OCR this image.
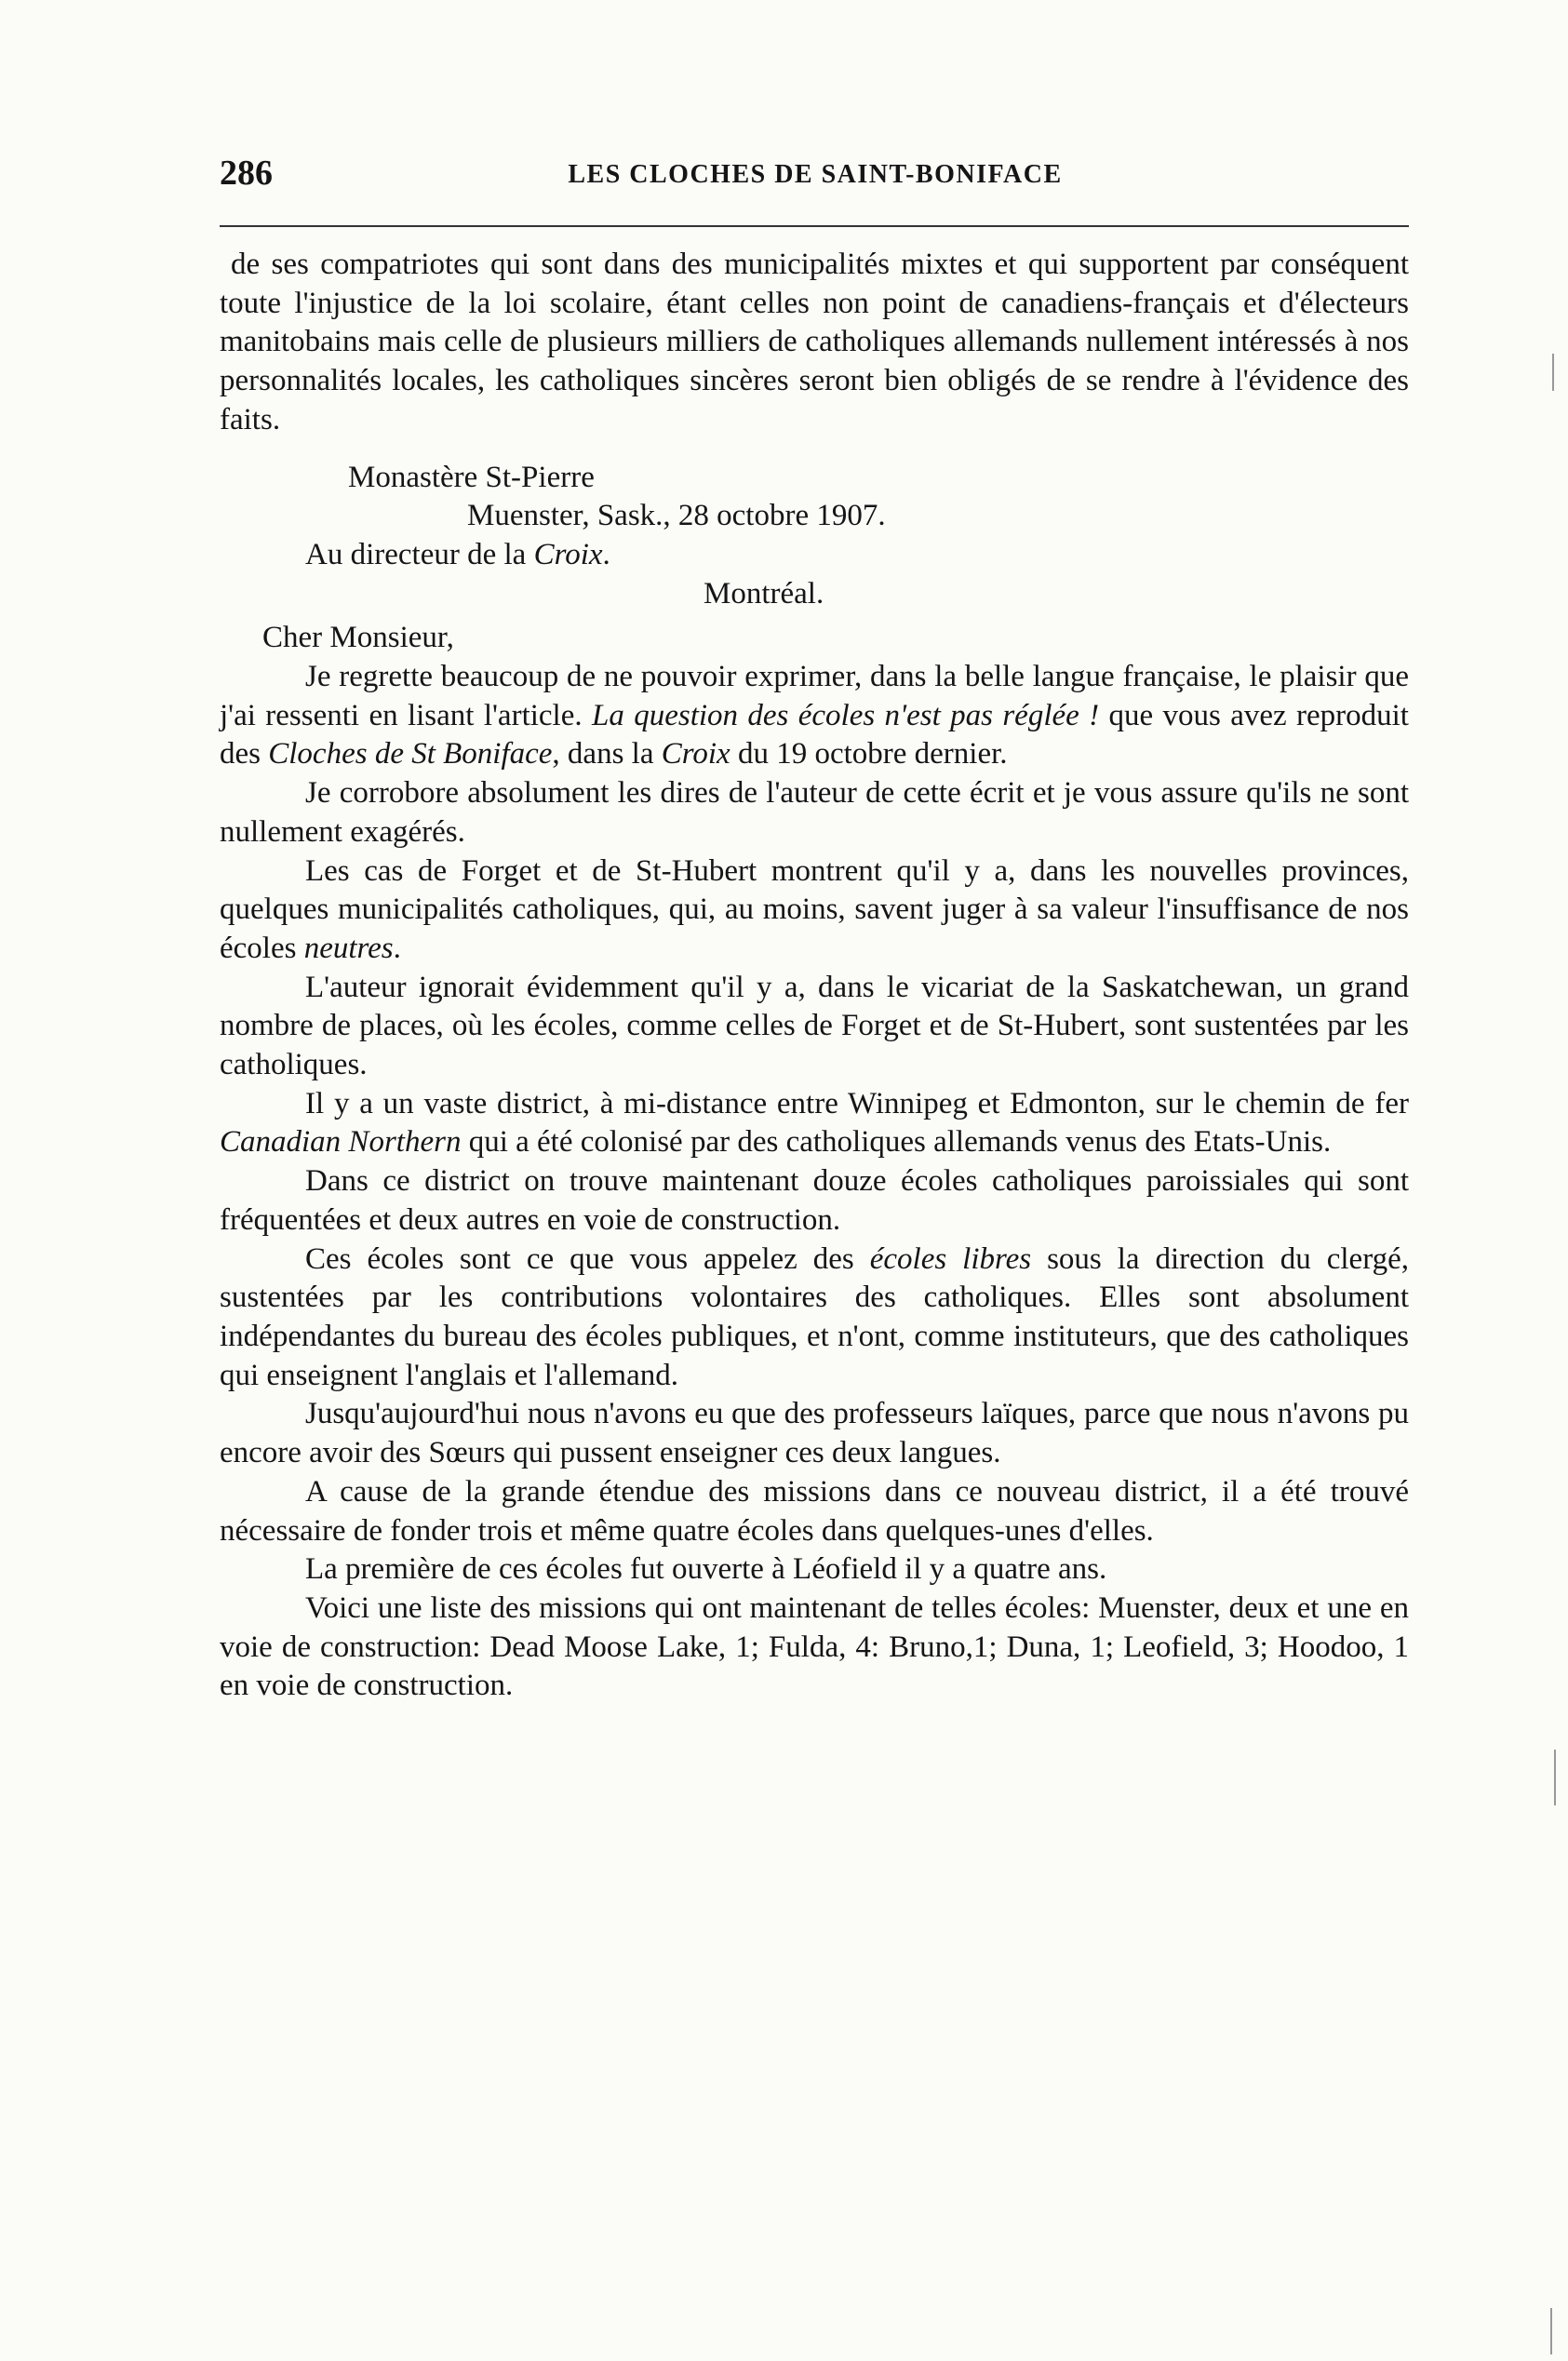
286	LES CLOCHES DE SAINT-BONIFACE

de ses compatriotes qui sont dans des municipalités mixtes et qui supportent par conséquent toute l'injustice de la loi scolaire, étant celles non point de canadiens-français et d'électeurs manitobains mais celle de plusieurs milliers de catholiques allemands nullement intéressés à nos personnalités locales, les catholiques sincères seront bien obligés de se rendre à l'évidence des faits.

Monastère St-Pierre

Muenster, Sask., 28 octobre 1907.

Au directeur de la Croix.

Montréal.

Cher Monsieur,

Je regrette beaucoup de ne pouvoir exprimer, dans la belle langue française, le plaisir que j'ai ressenti en lisant l'article. La question des écoles n'est pas réglée ! que vous avez reproduit des Cloches de St Boniface, dans la Croix du 19 octobre dernier.

Je corrobore absolument les dires de l'auteur de cette écrit et je vous assure qu'ils ne sont nullement exagérés.

Les cas de Forget et de St-Hubert montrent qu'il y a, dans les nouvelles provinces, quelques municipalités catholiques, qui, au moins, savent juger à sa valeur l'insuffisance de nos écoles neutres.

L'auteur ignorait évidemment qu'il y a, dans le vicariat de la Saskatchewan, un grand nombre de places, où les écoles, comme celles de Forget et de St-Hubert, sont sustentées par les catholiques.

Il y a un vaste district, à mi-distance entre Winnipeg et Edmonton, sur le chemin de fer Canadian Northern qui a été colonisé par des catholiques allemands venus des Etats-Unis.

Dans ce district on trouve maintenant douze écoles catholiques paroissiales qui sont fréquentées et deux autres en voie de construction.

Ces écoles sont ce que vous appelez des écoles libres sous la direction du clergé, sustentées par les contributions volontaires des catholiques. Elles sont absolument indépendantes du bureau des écoles publiques, et n'ont, comme instituteurs, que des catholiques qui enseignent l'anglais et l'allemand.

Jusqu'aujourd'hui nous n'avons eu que des professeurs laïques, parce que nous n'avons pu encore avoir des Sœurs qui pussent enseigner ces deux langues.

A cause de la grande étendue des missions dans ce nouveau district, il a été trouvé nécessaire de fonder trois et même quatre écoles dans quelques-unes d'elles.

La première de ces écoles fut ouverte à Léofield il y a quatre ans.

Voici une liste des missions qui ont maintenant de telles écoles: Muenster, deux et une en voie de construction: Dead Moose Lake, 1; Fulda, 4: Bruno,1; Duna, 1; Leofield, 3; Hoodoo, 1 en voie de construction.
